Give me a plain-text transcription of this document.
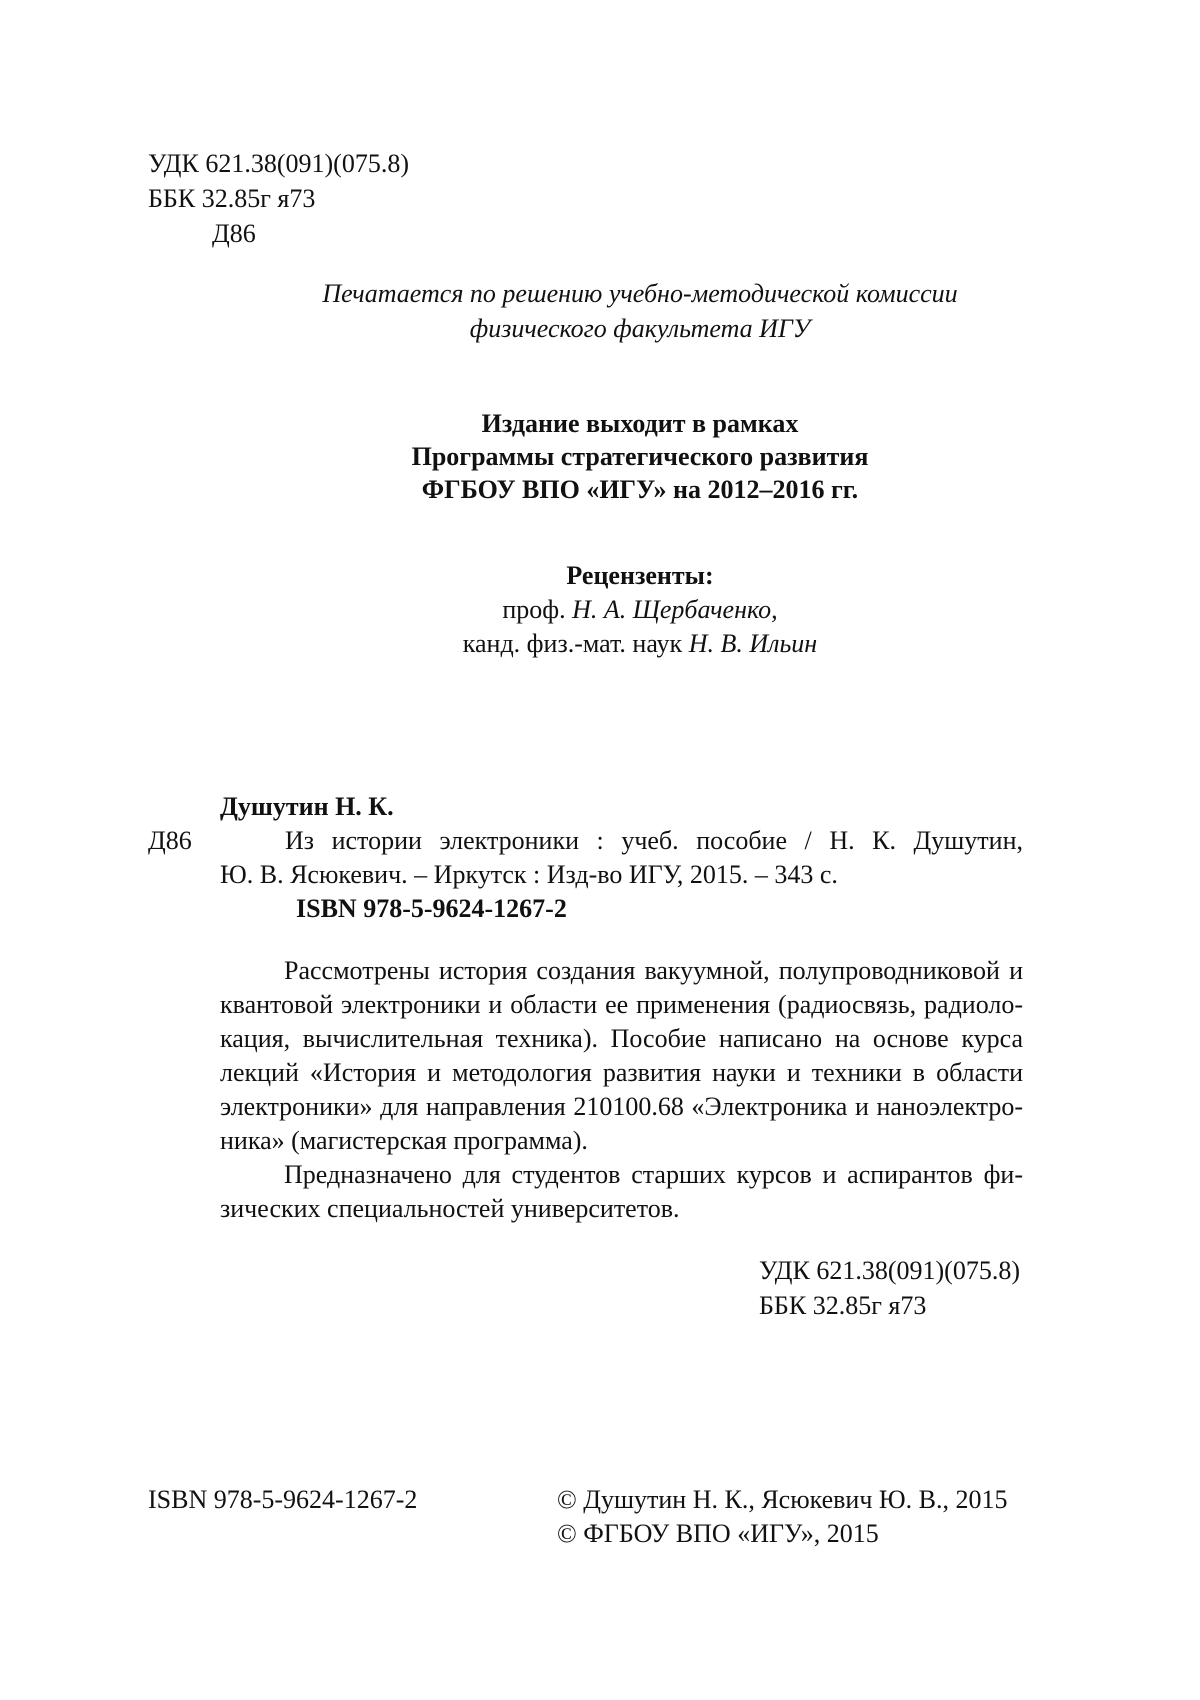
УДК 621.38(091)(075.8)
ББК 32.85г я73
Д86
Печатается по решению учебно-методической комиссии
физического факультета ИГУ
Издание выходит в рамках
Программы стратегического развития
ФГБОУ ВПО «ИГУ» на 2012–2016 гг.
Рецензенты:
проф. Н. А. Щербаченко,
канд. физ.-мат. наук Н. В. Ильин
Душутин Н. К.
Д86	Из истории электроники : учеб. пособие / Н. К. Душутин,
Ю. В. Ясюкевич. – Иркутск : Изд-во ИГУ, 2015. – 343 с.
ISBN 978-5-9624-1267-2
Рассмотрены история создания вакуумной, полупроводниковой и
квантовой электроники и области ее применения (радиосвязь, радиоло-
кация, вычислительная техника). Пособие написано на основе курса
лекций «История и методология развития науки и техники в области
электроники» для направления 210100.68 «Электроника и наноэлектро-
ника» (магистерская программа).
Предназначено для студентов старших курсов и аспирантов фи-
зических специальностей университетов.
УДК 621.38(091)(075.8)
ББК 32.85г я73
ISBN 978-5-9624-1267-2	© Душутин Н. К., Ясюкевич Ю. В., 2015
© ФГБОУ ВПО «ИГУ», 2015
